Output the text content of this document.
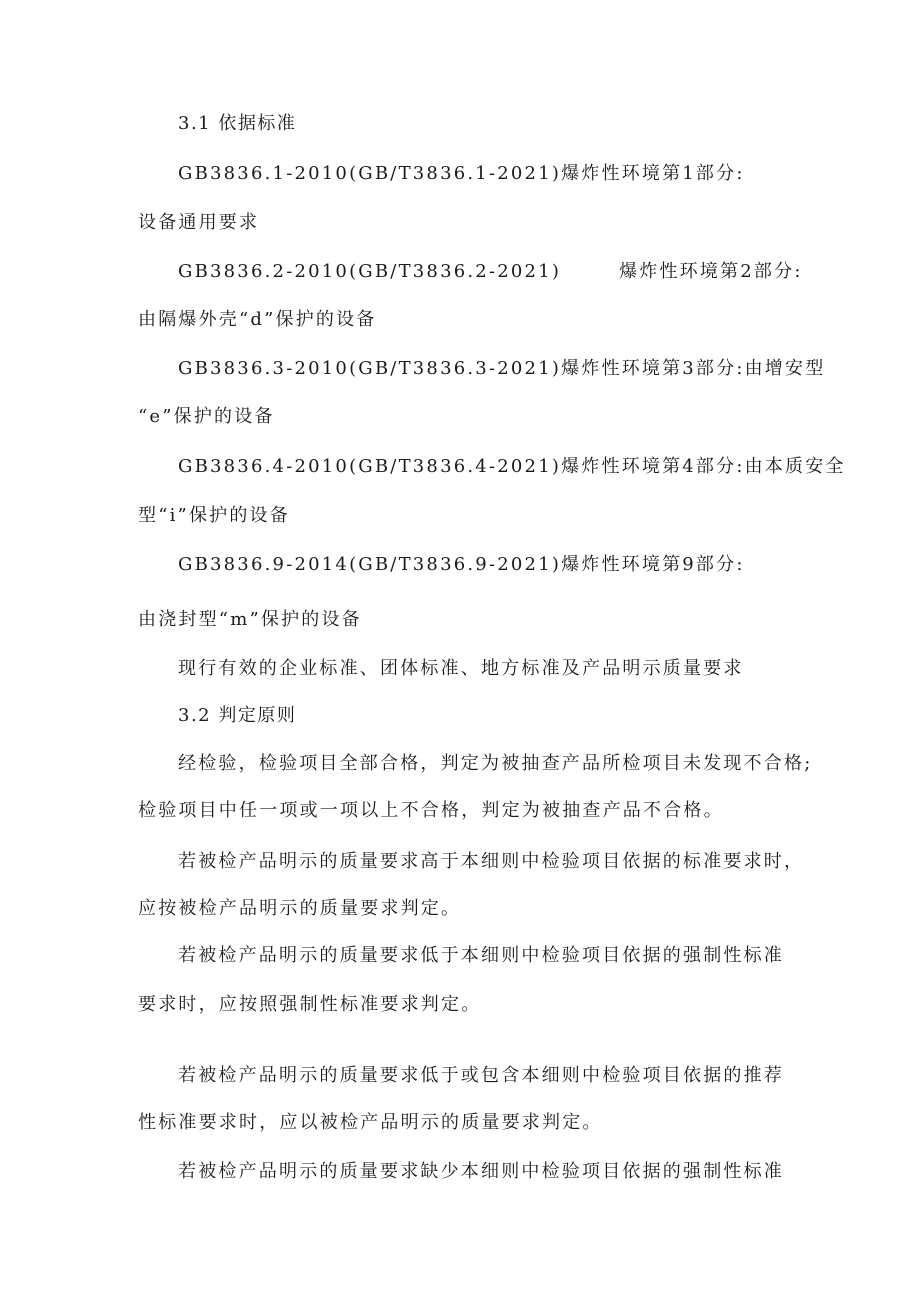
3.1 依据标准
GB3836.1-2010(GB/T3836.1-2021)爆炸性环境第1部分:
设备通用要求
GB3836.2-2010(GB/T3836.2-2021)	爆炸性环境第2部分:
由隔爆外壳“d”保护的设备
GB3836.3-2010(GB/T3836.3-2021)爆炸性环境第3部分:由增安型
“e”保护的设备
GB3836.4-2010(GB/T3836.4-2021)爆炸性环境第4部分:由本质安全
型“i”保护的设备
GB3836.9-2014(GB/T3836.9-2021)爆炸性环境第9部分:
由浇封型“m”保护的设备
现行有效的企业标准、团体标准、地方标准及产品明示质量要求
3.2 判定原则
经检验，检验项目全部合格，判定为被抽查产品所检项目未发现不合格;
检验项目中任一项或一项以上不合格，判定为被抽查产品不合格。
若被检产品明示的质量要求高于本细则中检验项目依据的标准要求时，
应按被检产品明示的质量要求判定。
若被检产品明示的质量要求低于本细则中检验项目依据的强制性标准
要求时，应按照强制性标准要求判定。
若被检产品明示的质量要求低于或包含本细则中检验项目依据的推荐
性标准要求时，应以被检产品明示的质量要求判定。
若被检产品明示的质量要求缺少本细则中检验项目依据的强制性标准
